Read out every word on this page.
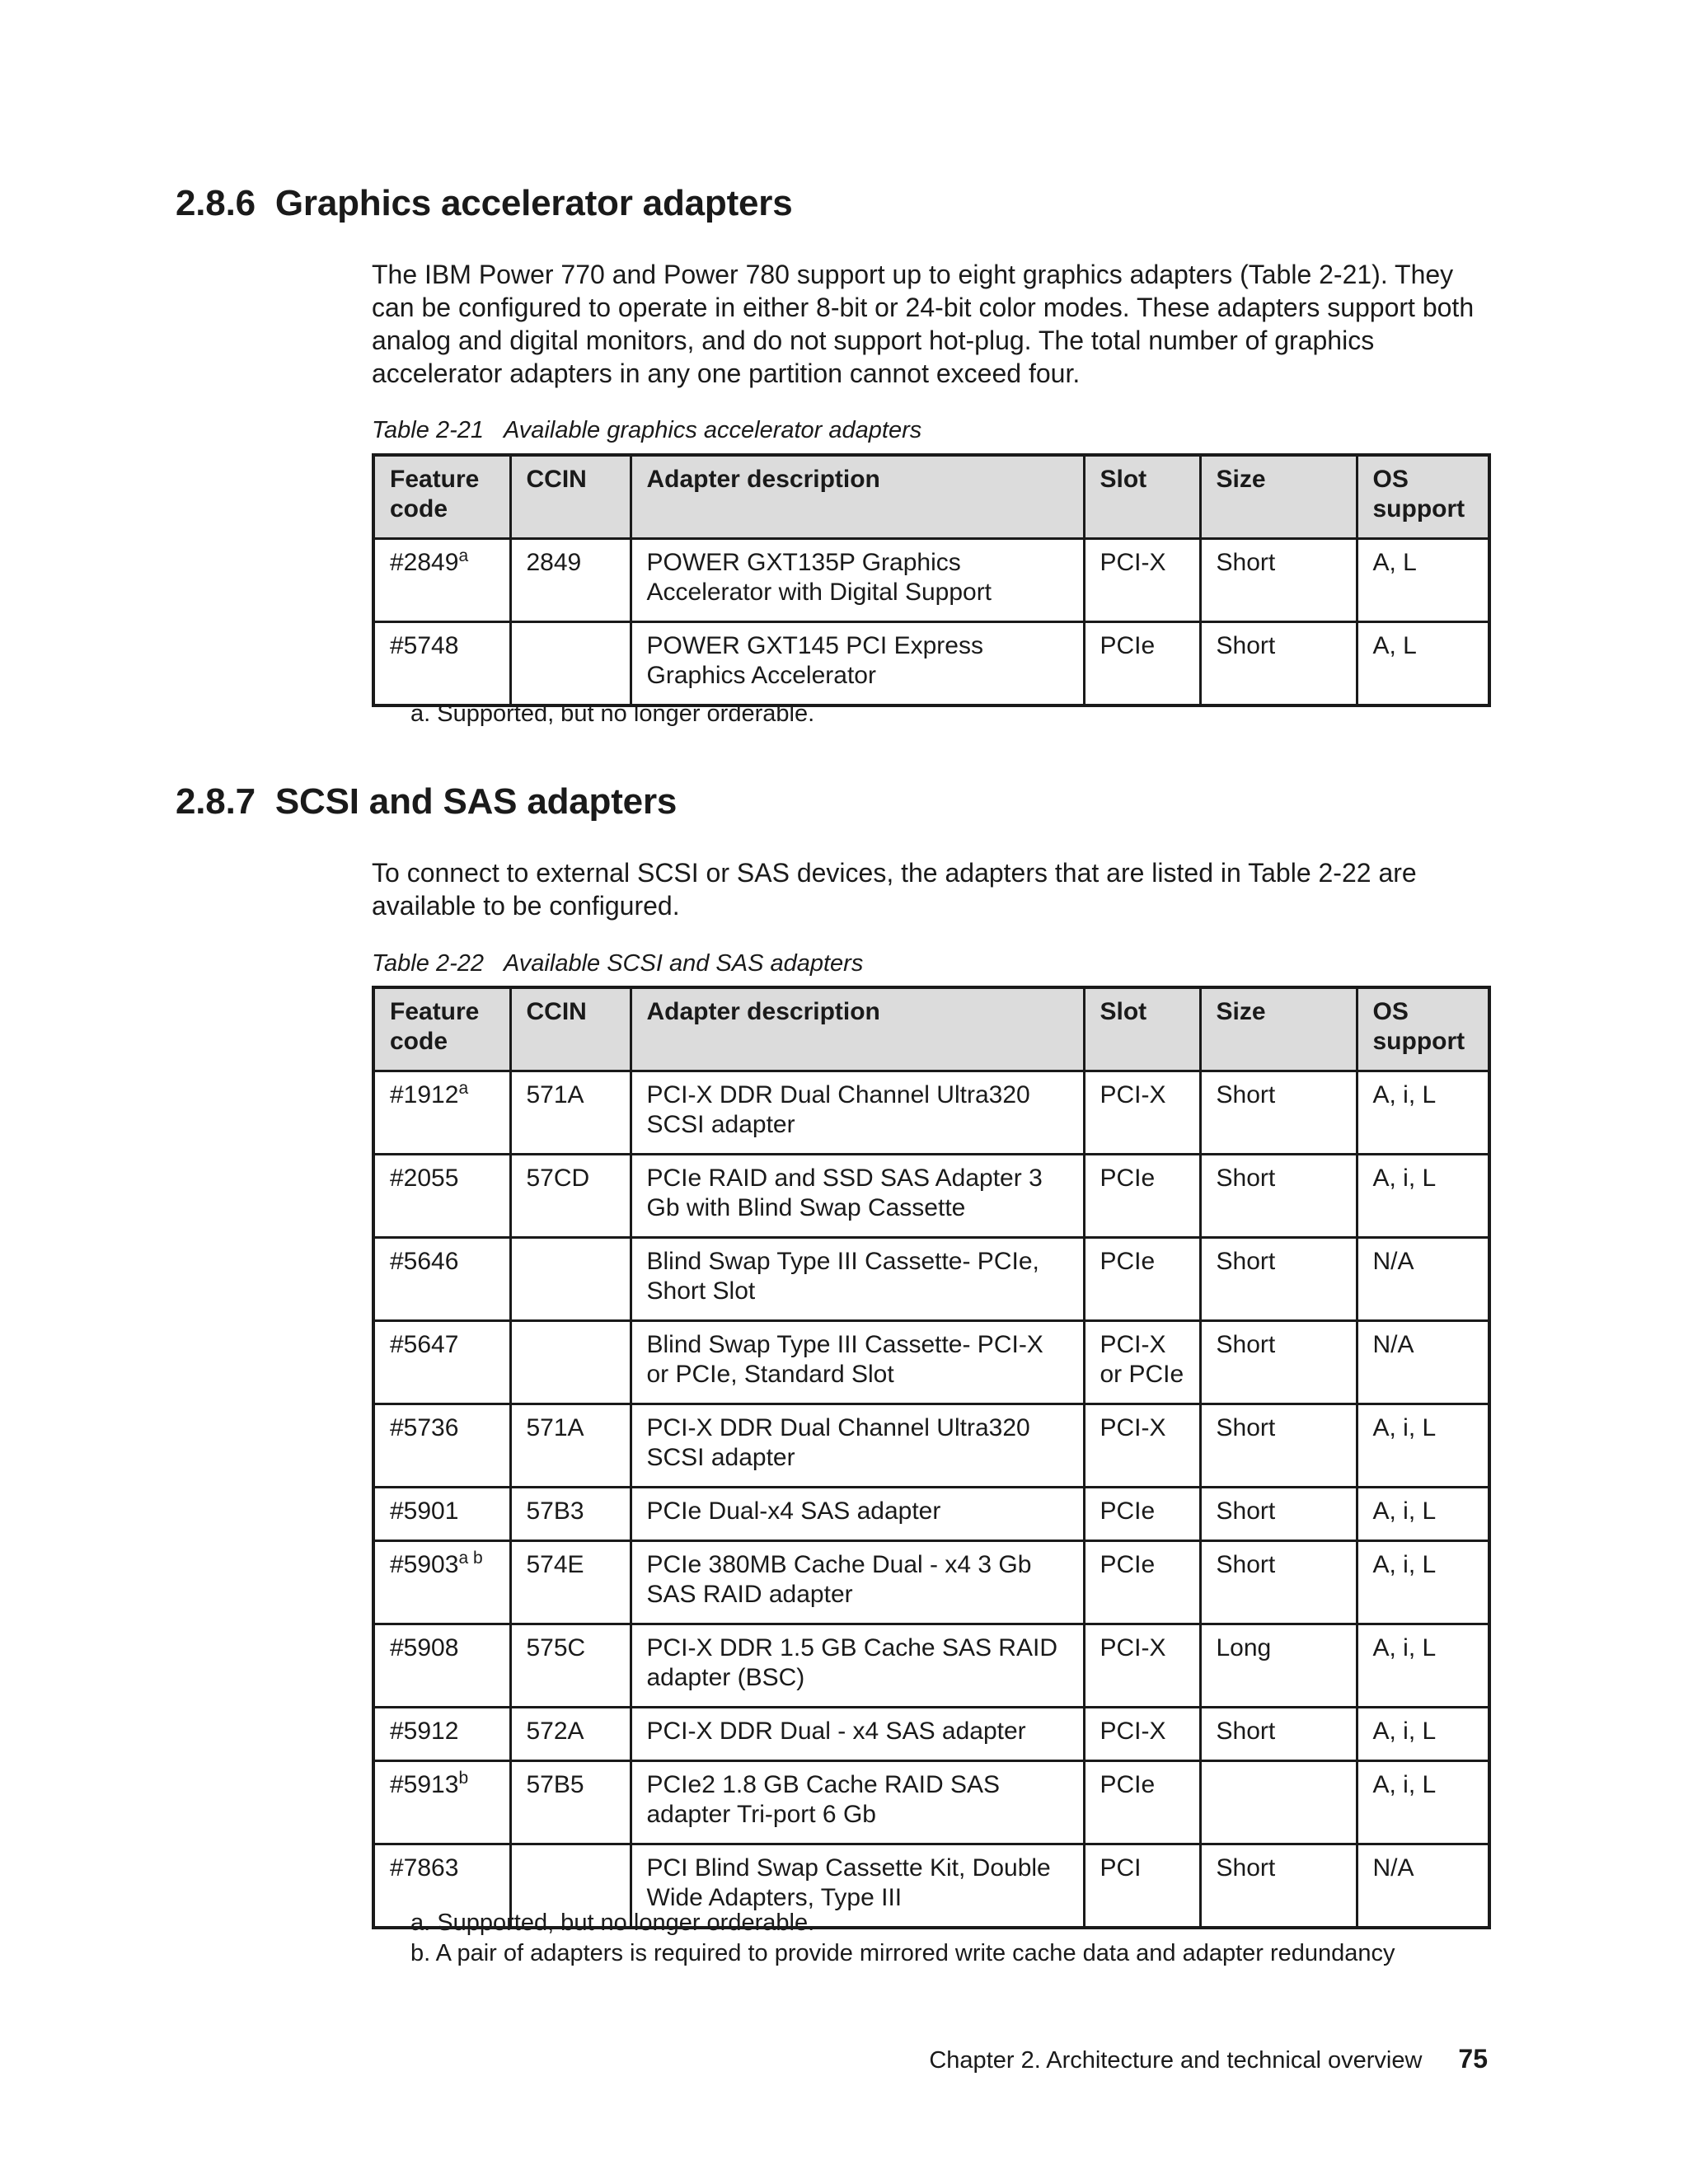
2.8.6 Graphics accelerator adapters

The IBM Power 770 and Power 780 support up to eight graphics adapters (Table 2-21). They can be configured to operate in either 8-bit or 24-bit color modes. These adapters support both analog and digital monitors, and do not support hot-plug. The total number of graphics accelerator adapters in any one partition cannot exceed four.

Table 2-21 Available graphics accelerator adapters

Feature code	CCIN	Adapter description	Slot	Size	OS support
#2849$^a$	2849	POWER GXT135P Graphics Accelerator with Digital Support	PCI-X	Short	A, L
#5748		POWER GXT145 PCI Express Graphics Accelerator	PCIe	Short	A, L

a. Supported, but no longer orderable.

2.8.7 SCSI and SAS adapters

To connect to external SCSI or SAS devices, the adapters that are listed in Table 2-22 are available to be configured.

Table 2-22 Available SCSI and SAS adapters

Feature code	CCIN	Adapter description	Slot	Size	OS support
#1912$^a$	571A	PCI-X DDR Dual Channel Ultra320 SCSI adapter	PCI-X	Short	A, i, L
#2055	57CD	PCIe RAID and SSD SAS Adapter 3 Gb with Blind Swap Cassette	PCIe	Short	A, i, L
#5646		Blind Swap Type III Cassette- PCIe, Short Slot	PCIe	Short	N/A
#5647		Blind Swap Type III Cassette- PCI-X or PCIe, Standard Slot	PCI-X or PCIe	Short	N/A
#5736	571A	PCI-X DDR Dual Channel Ultra320 SCSI adapter	PCI-X	Short	A, i, L
#5901	57B3	PCIe Dual-x4 SAS adapter	PCIe	Short	A, i, L
$\#5903^{a b}$	574E	PCIe 380MB Cache Dual - x4 3 Gb SAS RAID adapter	PCIe	Short	A, i, L
#5908	575C	PCI-X DDR 1.5 GB Cache SAS RAID adapter (BSC)	PCI-X	Long	A, i, L
#5912	572A	PCI-X DDR Dual - x4 SAS adapter	PCI-X	Short	A, i, L
#5913$^b$	57B5	PCIe2 1.8 GB Cache RAID SAS adapter Tri-port 6 Gb	PCIe		A, i, L
#7863		PCI Blind Swap Cassette Kit, Double Wide Adapters, Type III	PCI	Short	N/A

a. Supported, but no longer orderable.

b. A pair of adapters is required to provide mirrored write cache data and adapter redundancy

Chapter 2. Architecture and technical overview 75
